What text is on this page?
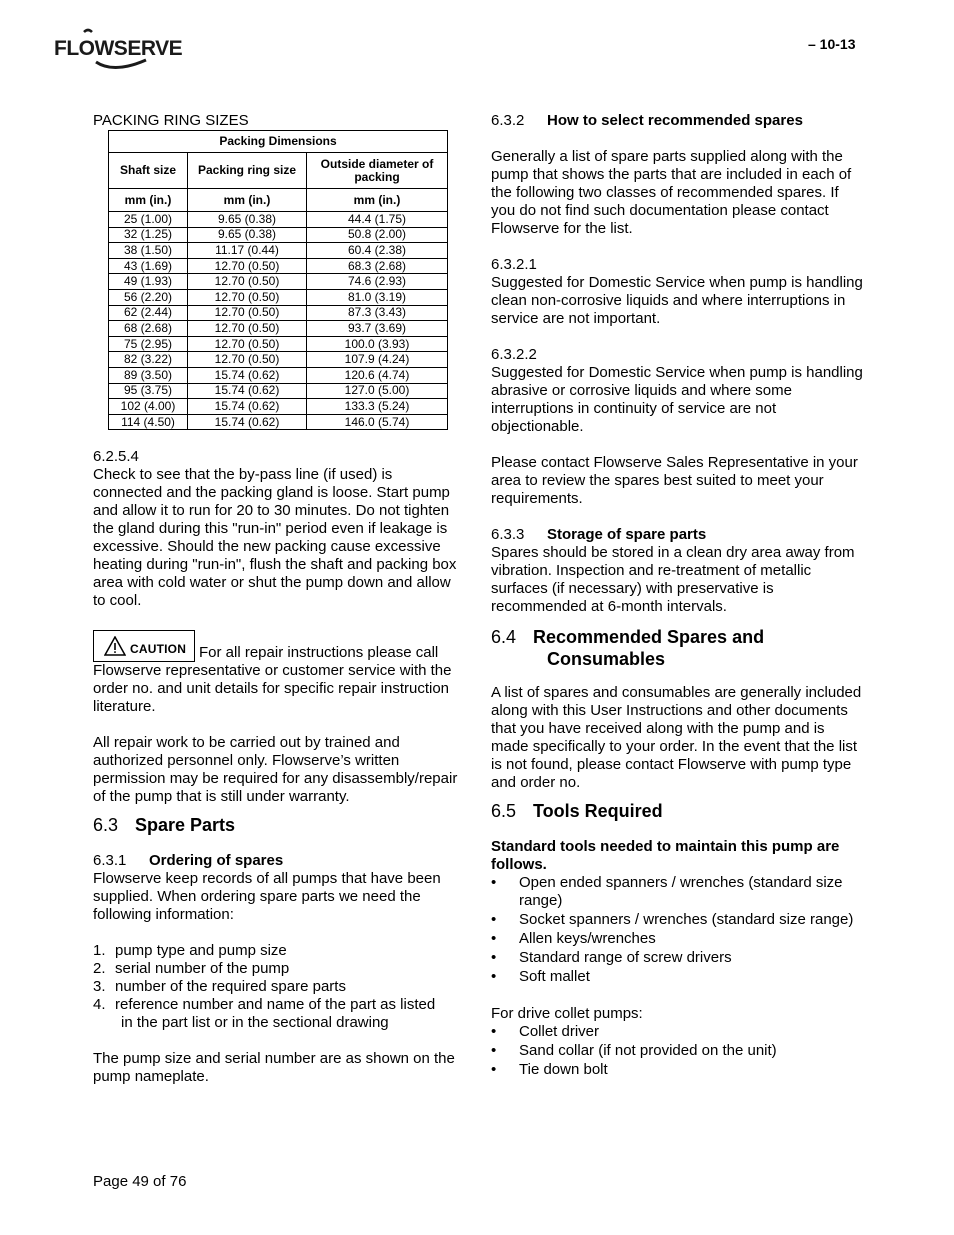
FLOWSERVE	– 10-13

PACKING RING SIZES

Packing Dimensions		
Shaft size	Packing ring size	Outside diameter of packing
mm (in.)	mm (in.)	mm (in.)
25 (1.00)	9.65 (0.38)	44.4 (1.75)
32 (1.25)	9.65 (0.38)	50.8 (2.00)
38 (1.50)	11.17 (0.44)	60.4 (2.38)
43 (1.69)	12.70 (0.50)	68.3 (2.68)
49 (1.93)	12.70 (0.50)	74.6 (2.93)
56 (2.20)	12.70 (0.50)	81.0 (3.19)
62 (2.44)	12.70 (0.50)	87.3 (3.43)
68 (2.68)	12.70 (0.50)	93.7 (3.69)
75 (2.95)	12.70 (0.50)	100.0 (3.93)
82 (3.22)	12.70 (0.50)	107.9 (4.24)
89 (3.50)	15.74 (0.62)	120.6 (4.74)
95 (3.75)	15.74 (0.62)	127.0 (5.00)
102 (4.00)	15.74 (0.62)	133.3 (5.24)
114 (4.50)	15.74 (0.62)	146.0 (5.74)

6.2.5.4

Check to see that the by-pass line (if used) is connected and the packing gland is loose. Start pump and allow it to run for 20 to 30 minutes. Do not tighten the gland during this "run-in" period even if leakage is excessive. Should the new packing cause excessive heating during "run-in", flush the shaft and packing box area with cold water or shut the pump down and allow to cool.

CAUTION For all repair instructions please call Flowserve representative or customer service with the order no. and unit details for specific repair instruction literature.

All repair work to be carried out by trained and authorized personnel only. Flowserve’s written permission may be required for any disassembly/repair of the pump that is still under warranty.

6.3 Spare Parts

6.3.1 Ordering of spares

Flowserve keep records of all pumps that have been supplied. When ordering spare parts we need the following information:

1. pump type and pump size
2. serial number of the pump
3. number of the required spare parts
4. reference number and name of the part as listed
in the part list or in the sectional drawing

The pump size and serial number are as shown on the pump nameplate.

6.3.2 How to select recommended spares

Generally a list of spare parts supplied along with the pump that shows the parts that are included in each of the following two classes of recommended spares. If you do not find such documentation please contact Flowserve for the list.

6.3.2.1

Suggested for Domestic Service when pump is handling clean non-corrosive liquids and where interruptions in service are not important.

6.3.2.2

Suggested for Domestic Service when pump is handling abrasive or corrosive liquids and where some interruptions in continuity of service are not objectionable.

Please contact Flowserve Sales Representative in your area to review the spares best suited to meet your requirements.

6.3.3 Storage of spare parts

Spares should be stored in a clean dry area away from vibration. Inspection and re-treatment of metallic surfaces (if necessary) with preservative is recommended at 6-month intervals.

6.4 Recommended Spares and

Consumables

A list of spares and consumables are generally included along with this User Instructions and other documents that you have received along with the pump and is made specifically to your order. In the event that the list is not found, please contact Flowserve with pump type and order no.

6.5 Tools Required

Standard tools needed to maintain this pump are follows.

• Open ended spanners / wrenches (standard size range)
• Socket spanners / wrenches (standard size range)
• Allen keys/wrenches
• Standard range of screw drivers
• Soft mallet

For drive collet pumps:

• Collet driver
• Sand collar (if not provided on the unit)
• Tie down bolt
Page 49 of 76
